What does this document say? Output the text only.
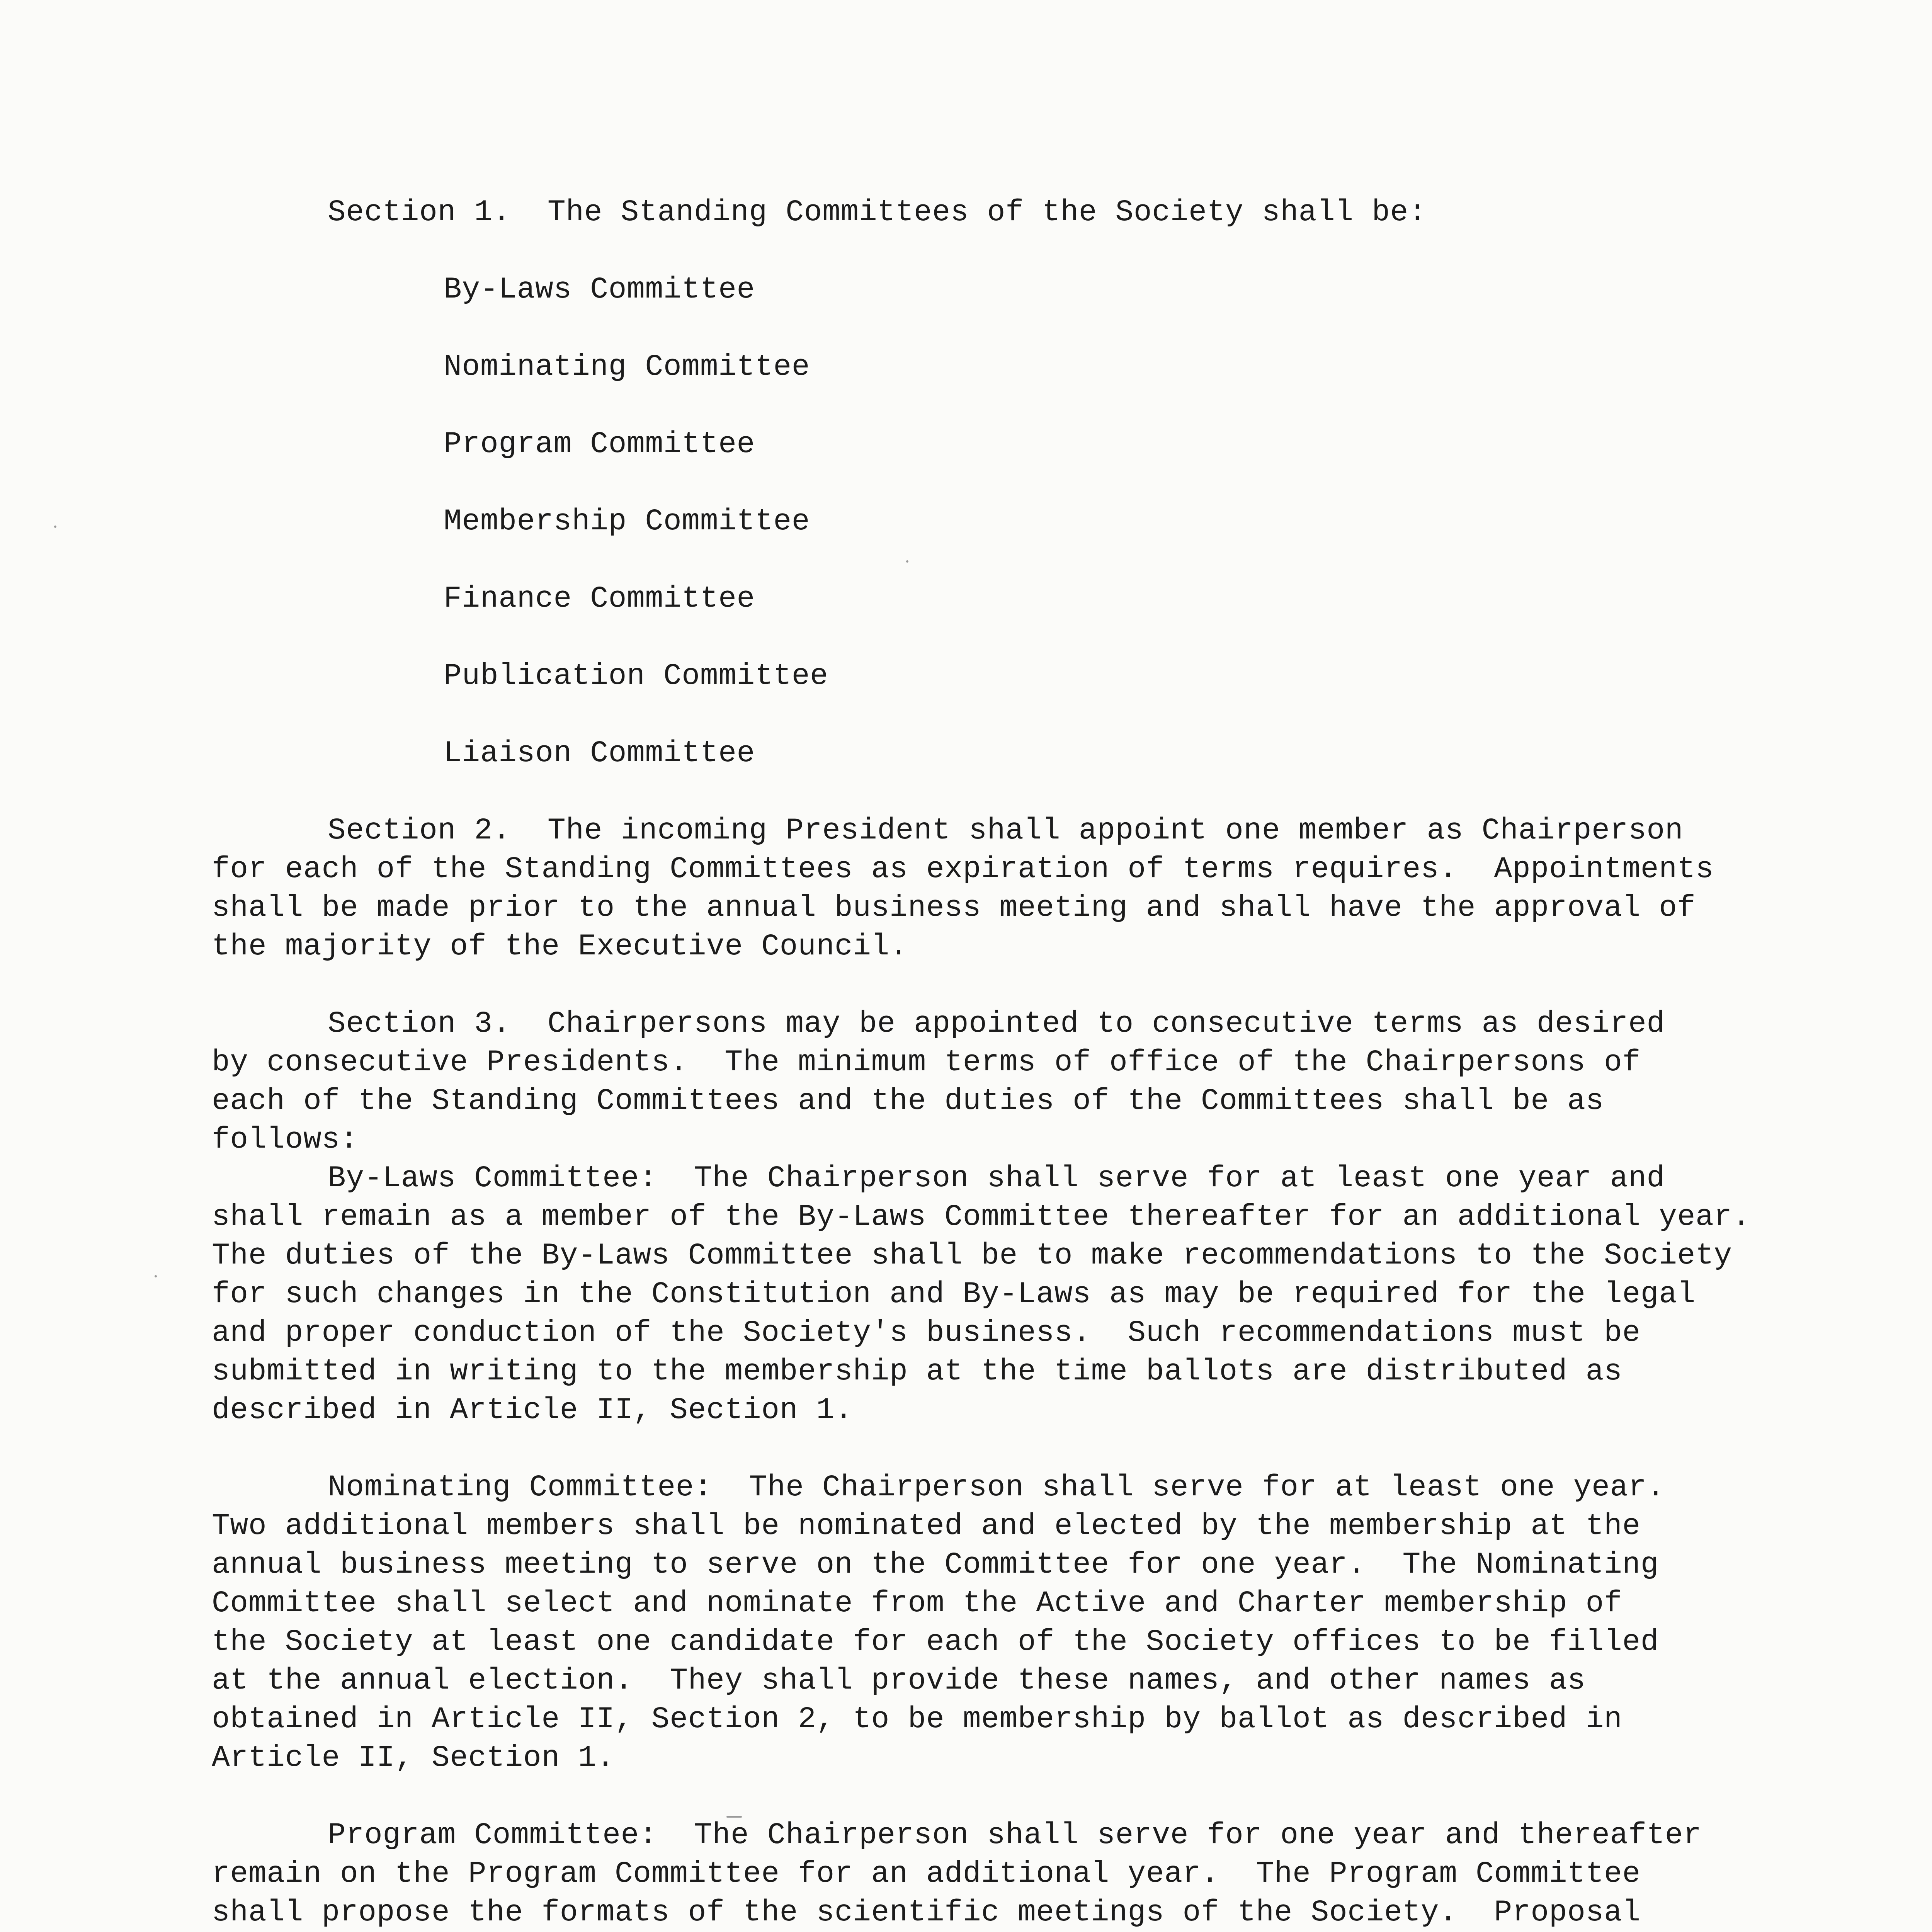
Section 1.  The Standing Committees of the Society shall be:
By-Laws Committee
Nominating Committee
Program Committee
Membership Committee
Finance Committee
Publication Committee
Liaison Committee
Section 2.  The incoming President shall appoint one member as Chairperson
for each of the Standing Committees as expiration of terms requires.  Appointments
shall be made prior to the annual business meeting and shall have the approval of
the majority of the Executive Council.
Section 3.  Chairpersons may be appointed to consecutive terms as desired
by consecutive Presidents.  The minimum terms of office of the Chairpersons of
each of the Standing Committees and the duties of the Committees shall be as
follows:
By-Laws Committee:  The Chairperson shall serve for at least one year and
shall remain as a member of the By-Laws Committee thereafter for an additional year.
The duties of the By-Laws Committee shall be to make recommendations to the Society
for such changes in the Constitution and By-Laws as may be required for the legal
and proper conduction of the Society's business.  Such recommendations must be
submitted in writing to the membership at the time ballots are distributed as
described in Article II, Section 1.
Nominating Committee:  The Chairperson shall serve for at least one year.
Two additional members shall be nominated and elected by the membership at the
annual business meeting to serve on the Committee for one year.  The Nominating
Committee shall select and nominate from the Active and Charter membership of
the Society at least one candidate for each of the Society offices to be filled
at the annual election.  They shall provide these names, and other names as
obtained in Article II, Section 2, to be membership by ballot as described in
Article II, Section 1.
Program Committee:  The Chairperson shall serve for one year and thereafter
remain on the Program Committee for an additional year.  The Program Committee
shall propose the formats of the scientific meetings of the Society.  Proposal
